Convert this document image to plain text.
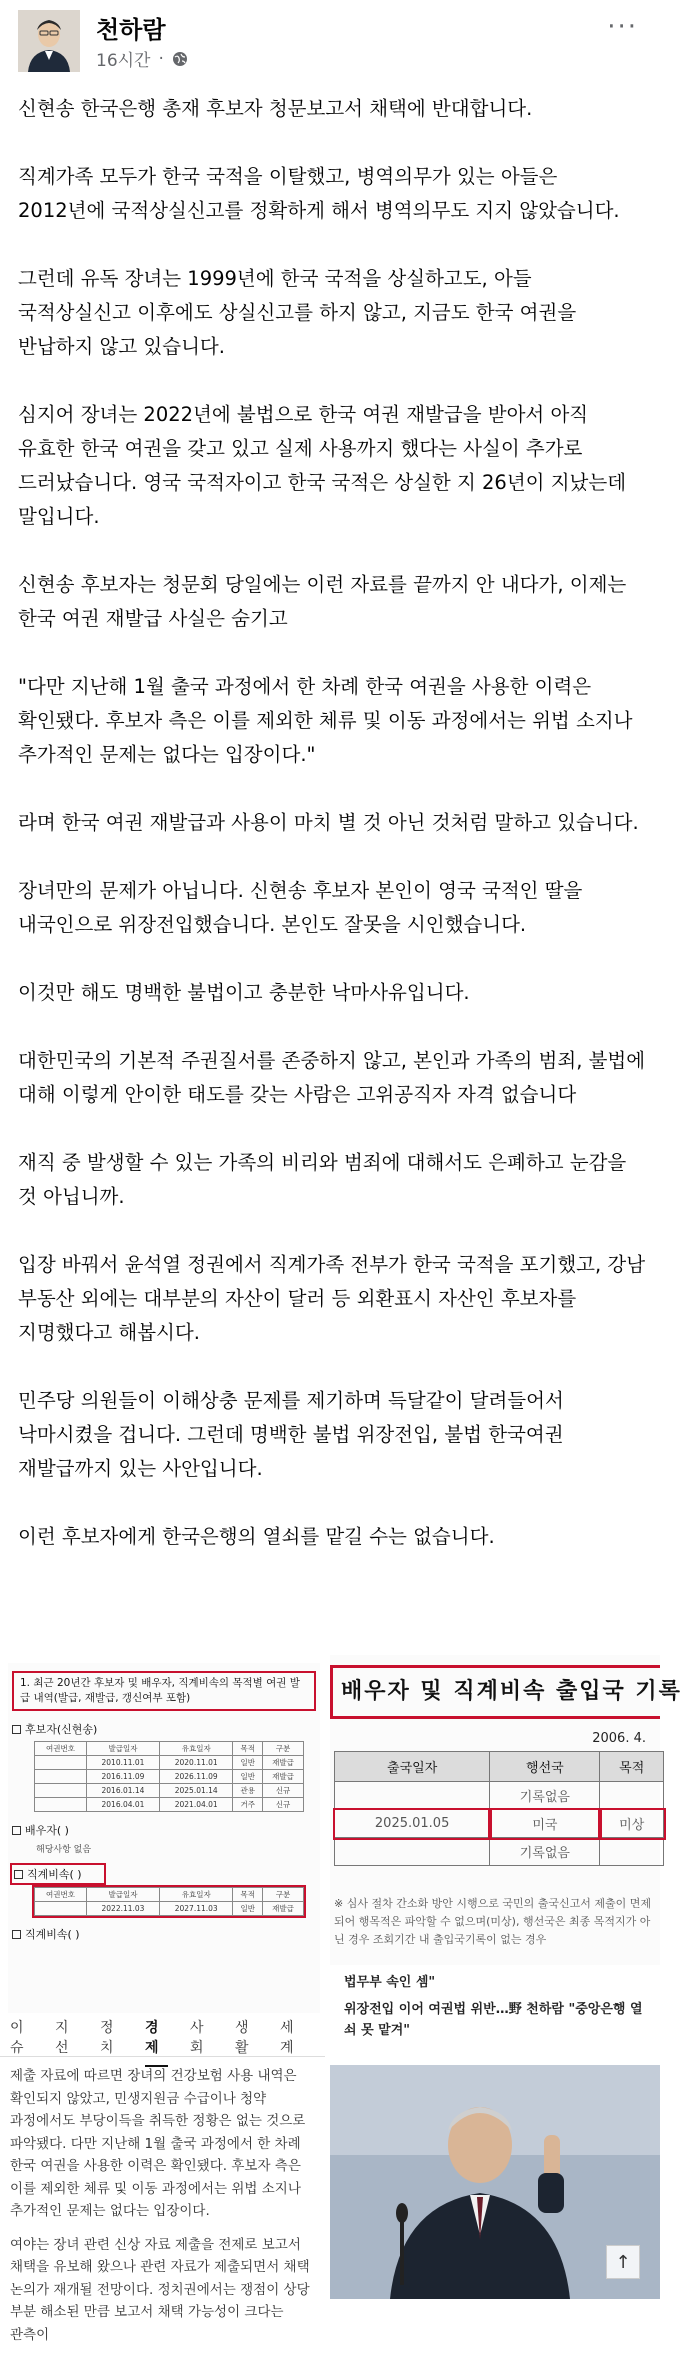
천하람
16시간 ·
···
신현송 한국은행 총재 후보자 청문보고서 채택에 반대합니다.
직계가족 모두가 한국 국적을 이탈했고, 병역의무가 있는 아들은 2012년에 국적상실신고를 정확하게 해서 병역의무도 지지 않았습니다.
그런데 유독 장녀는 1999년에 한국 국적을 상실하고도, 아들 국적상실신고 이후에도 상실신고를 하지 않고, 지금도 한국 여권을 반납하지 않고 있습니다.
심지어 장녀는 2022년에 불법으로 한국 여권 재발급을 받아서 아직 유효한 한국 여권을 갖고 있고 실제 사용까지 했다는 사실이 추가로 드러났습니다. 영국 국적자이고 한국 국적은 상실한 지 26년이 지났는데 말입니다.
신현송 후보자는 청문회 당일에는 이런 자료를 끝까지 안 내다가, 이제는 한국 여권 재발급 사실은 숨기고
"다만 지난해 1월 출국 과정에서 한 차례 한국 여권을 사용한 이력은 확인됐다. 후보자 측은 이를 제외한 체류 및 이동 과정에서는 위법 소지나 추가적인 문제는 없다는 입장이다."
라며 한국 여권 재발급과 사용이 마치 별 것 아닌 것처럼 말하고 있습니다.
장녀만의 문제가 아닙니다. 신현송 후보자 본인이 영국 국적인 딸을 내국인으로 위장전입했습니다. 본인도 잘못을 시인했습니다.
이것만 해도 명백한 불법이고 충분한 낙마사유입니다.
대한민국의 기본적 주권질서를 존중하지 않고, 본인과 가족의 범죄, 불법에 대해 이렇게 안이한 태도를 갖는 사람은 고위공직자 자격 없습니다
재직 중 발생할 수 있는 가족의 비리와 범죄에 대해서도 은폐하고 눈감을 것 아닙니까.
입장 바꿔서 윤석열 정권에서 직계가족 전부가 한국 국적을 포기했고, 강남 부동산 외에는 대부분의 자산이 달러 등 외환표시 자산인 후보자를 지명했다고 해봅시다.
민주당 의원들이 이해상충 문제를 제기하며 득달같이 달려들어서 낙마시켰을 겁니다. 그런데 명백한 불법 위장전입, 불법 한국여권 재발급까지 있는 사안입니다.
이런 후보자에게 한국은행의 열쇠를 맡길 수는 없습니다.
1. 최근 20년간 후보자 및 배우자, 직계비속의 목적별 여권 발급 내역(발급, 재발급, 갱신여부 포함)
후보자(신현송)
여권번호	발급일자	유효일자	목적	구분
	2010.11.01	2020.11.01	일반	재발급
	2016.11.09	2026.11.09	일반	재발급
	2016.01.14	2025.01.14	관용	신규
	2016.04.01	2021.04.01	거주	신규
배우자( )
해당사항 없음
직계비속( )
여권번호	발급일자	유효일자	목적	구분
	2022.11.03	2027.11.03	일반	재발급
직계비속( )
이슈
지선
정치
경제
사회
생활
세계

제출 자료에 따르면 장녀의 건강보험 사용 내역은 확인되지 않았고, 민생지원금 수급이나 청약 과정에서도 부당이득을 취득한 정황은 없는 것으로 파악됐다. 다만 지난해 1월 출국 과정에서 한 차례 한국 여권을 사용한 이력은 확인됐다. 후보자 측은 이를 제외한 체류 및 이동 과정에서는 위법 소지나 추가적인 문제는 없다는 입장이다.

여야는 장녀 관련 신상 자료 제출을 전제로 보고서 채택을 유보해 왔으나 관련 자료가 제출되면서 채택 논의가 재개될 전망이다. 정치권에서는 쟁점이 상당 부분 해소된 만큼 보고서 채택 가능성이 크다는 관측이

배우자 및 직계비속 출입국 기록
2006. 4.
출국일자	행선국	목적
	기록없음	
2025.01.05	미국	미상
	기록없음	
※ 심사 절차 간소화 방안 시행으로 국민의 출국신고서 제출이 면제되어 행목적은 파악할 수 없으며(미상), 행선국은 최종 목적지가 아닌 경우 조회기간 내 출입국기록이 없는 경우
법무부 속인 셈"
위장전입 이어 여권법 위반…野 천하람 "중앙은행 열쇠 못 맡겨"
↑
